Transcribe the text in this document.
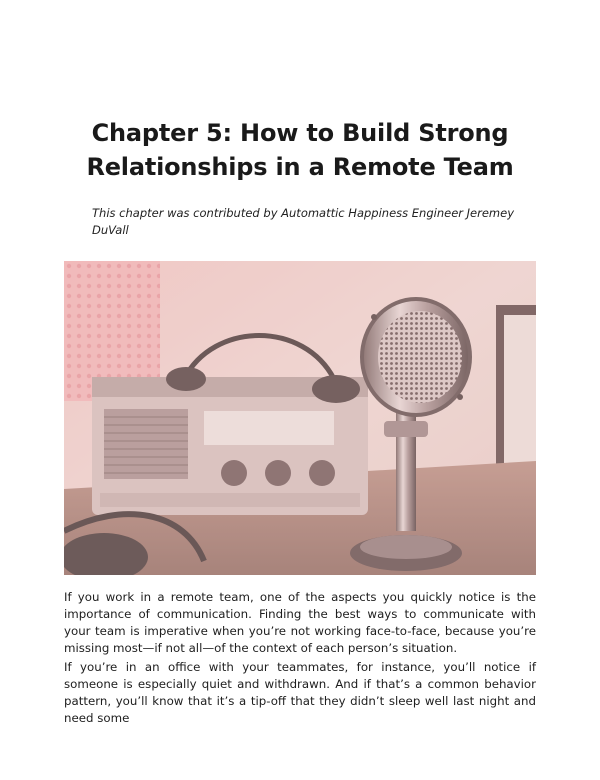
Chapter 5: How to Build Strong Relationships in a Remote Team

This chapter was contributed by Automattic Happiness Engineer Jeremey DuVall

If you work in a remote team, one of the aspects you quickly notice is the importance of communication. Finding the best ways to communicate with your team is imperative when you’re not working face-to-face, because you’re missing most—if not all—of the context of each person’s situation.

If you’re in an office with your teammates, for instance, you’ll notice if someone is especially quiet and withdrawn. And if that’s a common behavior pattern, you’ll know that it’s a tip-off that they didn’t sleep well last night and need some
